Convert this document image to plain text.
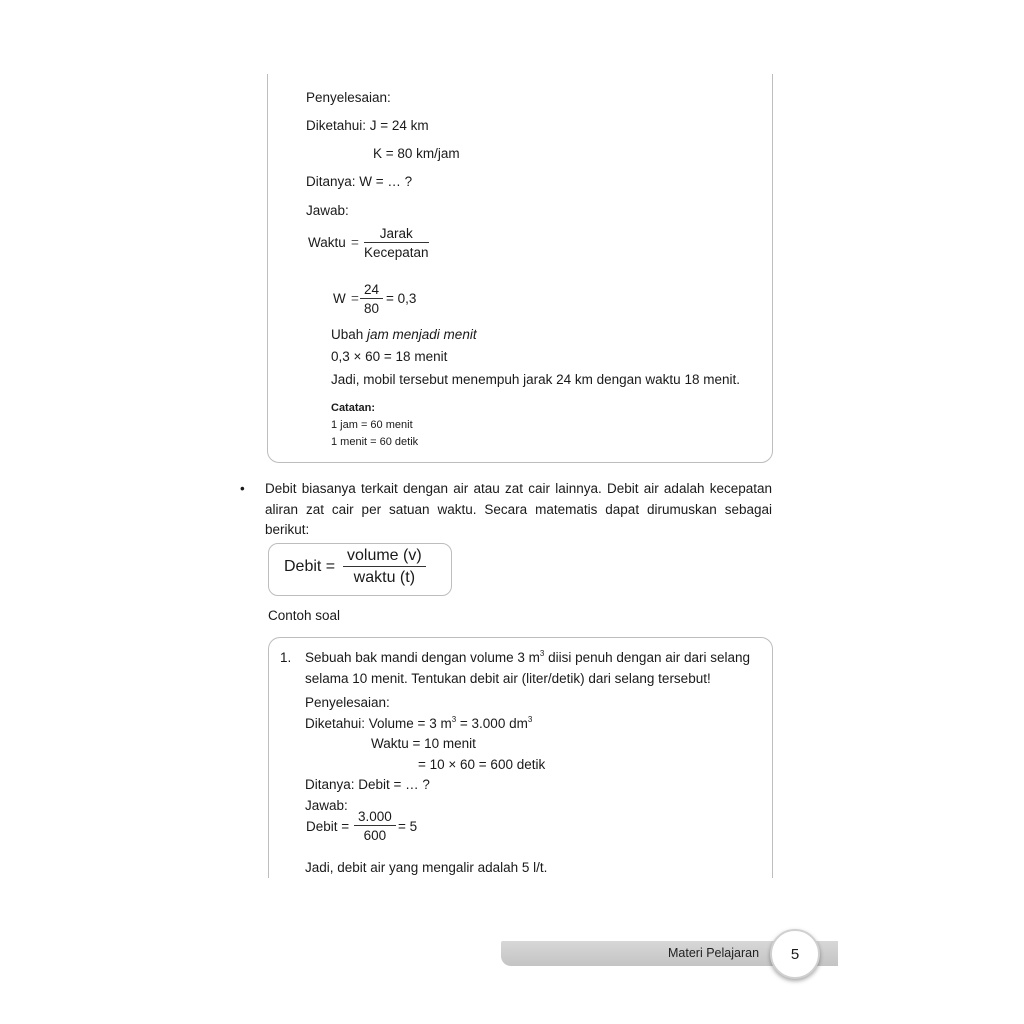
Penyelesaian:
Diketahui: J = 24 km
K = 80 km/jam
Ditanya: W = … ?
Jawab:
Waktu =
Jarak
Kecepatan
$W = \frac{24}{80} = 0,3$
Ubah jam menjadi menit
0,3 × 60 = 18 menit
Jadi, mobil tersebut menempuh jarak 24 km dengan waktu 18 menit.
Catatan:
1 jam = 60 menit
1 menit = 60 detik
• Debit biasanya terkait dengan air atau zat cair lainnya. Debit air adalah kecepatan
aliran zat cair per satuan waktu. Secara matematis dapat dirumuskan sebagai
berikut:
Debit =
volume (v)
waktu (t)
Contoh soal
1. Sebuah bak mandi dengan volume 3 $m^3$ diisi penuh dengan air dari selang
selama 10 menit. Tentukan debit air (liter/detik) dari selang tersebut!
Penyelesaian:
Diketahui: Volume = 3 $m^3 = 3.000$ $dm^3$
Waktu = 10 menit
= 10 × 60 = 600 detik
Ditanya: Debit = … ?
Jawab:
Debit = $\frac{3.000}{600} = 5$
Jadi, debit air yang mengalir adalah 5 l/t.
Materi Pelajaran 5
